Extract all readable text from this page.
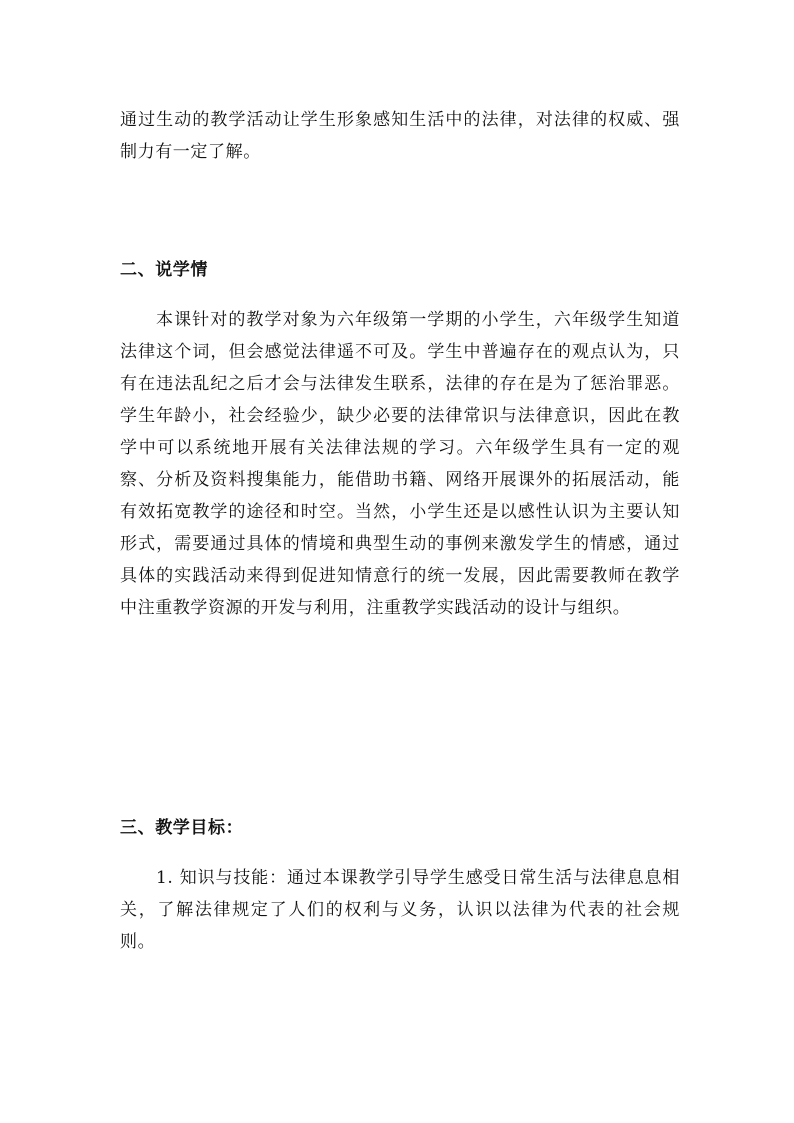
通过生动的教学活动让学生形象感知生活中的法律，对法律的权威、强制力有一定了解。

二、说学情

本课针对的教学对象为六年级第一学期的小学生，六年级学生知道法律这个词，但会感觉法律遥不可及。学生中普遍存在的观点认为，只有在违法乱纪之后才会与法律发生联系，法律的存在是为了惩治罪恶。学生年龄小，社会经验少，缺少必要的法律常识与法律意识，因此在教学中可以系统地开展有关法律法规的学习。六年级学生具有一定的观察、分析及资料搜集能力，能借助书籍、网络开展课外的拓展活动，能有效拓宽教学的途径和时空。当然，小学生还是以感性认识为主要认知形式，需要通过具体的情境和典型生动的事例来激发学生的情感，通过具体的实践活动来得到促进知情意行的统一发展，因此需要教师在教学中注重教学资源的开发与利用，注重教学实践活动的设计与组织。

三、教学目标：

1. 知识与技能：通过本课教学引导学生感受日常生活与法律息息相关，了解法律规定了人们的权利与义务，认识以法律为代表的社会规则。
